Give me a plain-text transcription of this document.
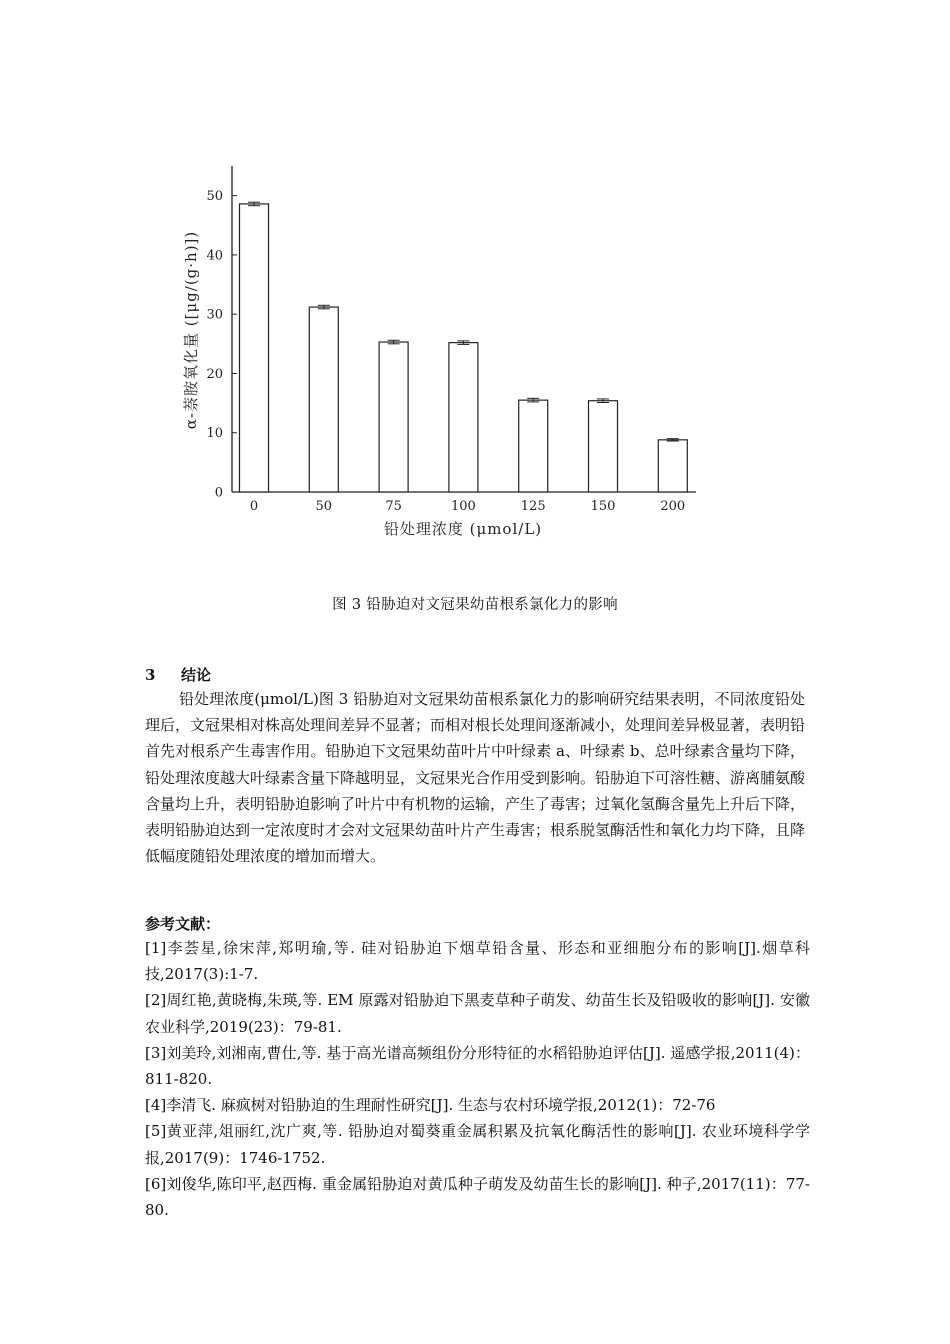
0
10
20
30
40
50
0	50	75	100	125	150	200
α-萘胺氧化量 ([μg/(g·h)])
铅处理浓度 (μmol/L)
图 3 铅胁迫对文冠果幼苗根系氯化力的影响
3 结论

铅处理浓度(μmol/L)图 3 铅胁迫对文冠果幼苗根系氯化力的影响研究结果表明，不同浓度铅处理后，文冠果相对株高处理间差异不显著；而相对根长处理间逐渐减小，处理间差异极显著，表明铅首先对根系产生毒害作用。铅胁迫下文冠果幼苗叶片中叶绿素 a、叶绿素 b、总叶绿素含量均下降，铅处理浓度越大叶绿素含量下降越明显，文冠果光合作用受到影响。铅胁迫下可溶性糖、游离脯氨酸含量均上升，表明铅胁迫影响了叶片中有机物的运输，产生了毒害；过氧化氢酶含量先上升后下降，表明铅胁迫达到一定浓度时才会对文冠果幼苗叶片产生毒害；根系脱氢酶活性和氧化力均下降，且降低幅度随铅处理浓度的增加而增大。

参考文献：
[1]李荟星,徐宋萍,郑明瑜,等. 硅对铅胁迫下烟草铅含量、形态和亚细胞分布的影响[J].烟草科技,2017(3):1-7.
[2]周红艳,黄晓梅,朱瑛,等. EM 原露对铅胁迫下黑麦草种子萌发、幼苗生长及铅吸收的影响[J]. 安徽农业科学,2019(23)：79-81.
[3]刘美玲,刘湘南,曹仕,等. 基于高光谱高频组份分形特征的水稻铅胁迫评估[J]. 遥感学报,2011(4)：811-820.
[4]李清飞. 麻疯树对铅胁迫的生理耐性研究[J]. 生态与农村环境学报,2012(1)：72-76
[5]黄亚萍,俎丽红,沈广爽,等. 铅胁迫对蜀葵重金属积累及抗氧化酶活性的影响[J]. 农业环境科学学报,2017(9)：1746-1752.
[6]刘俊华,陈印平,赵西梅. 重金属铅胁迫对黄瓜种子萌发及幼苗生长的影响[J]. 种子,2017(11)：77-80.
